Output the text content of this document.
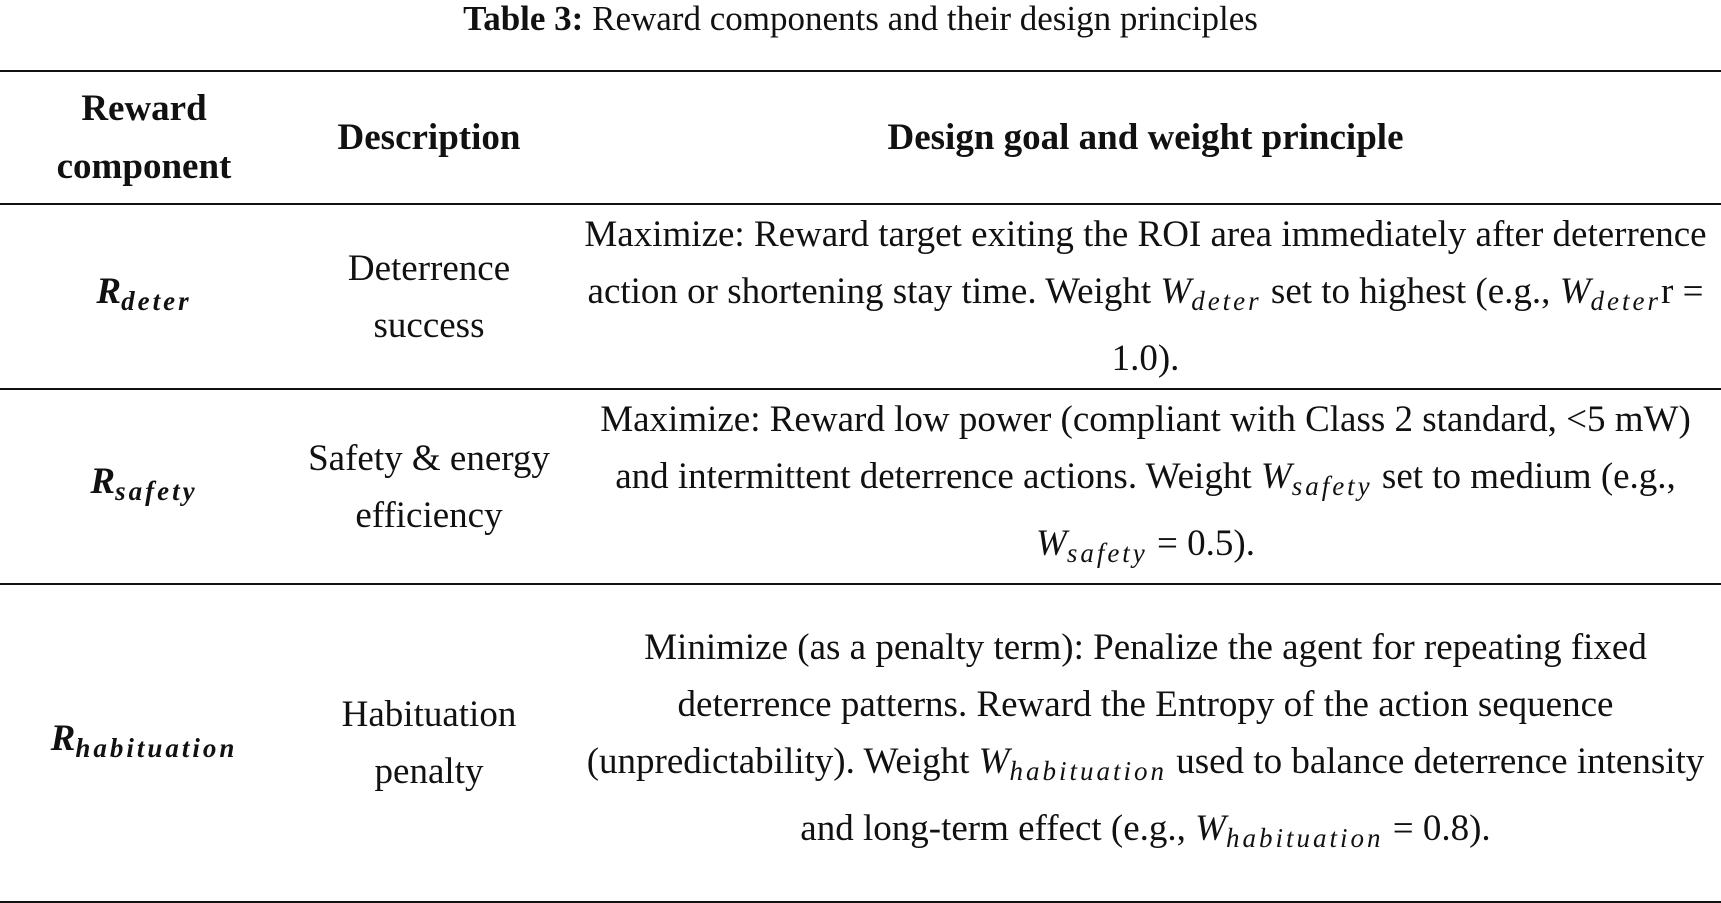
Table 3: Reward components and their design principles
Reward component	Description	Design goal and weight principle
$R_{deter}$	Deterrence success	Maximize: Reward target exiting the ROI area immediately after deterrence action or shortening stay time. Weight $W_{deter}$ set to highest (e.g., $W_{deter}r = 1.0$).
$R_{safety}$	Safety & energy efficiency	Maximize: Reward low power (compliant with Class 2 standard, <5 mW) and intermittent deterrence actions. Weight $W_{safety}$ set to medium (e.g., $W_{safety} = 0.5$).
$R_{habituation}$	Habituation penalty	Minimize (as a penalty term): Penalize the agent for repeating fixed deterrence patterns. Reward the Entropy of the action sequence (unpredictability). Weight $W_{habituation}$ used to balance deterrence intensity and long-term effect (e.g., $W_{habituation} = 0.8$).
